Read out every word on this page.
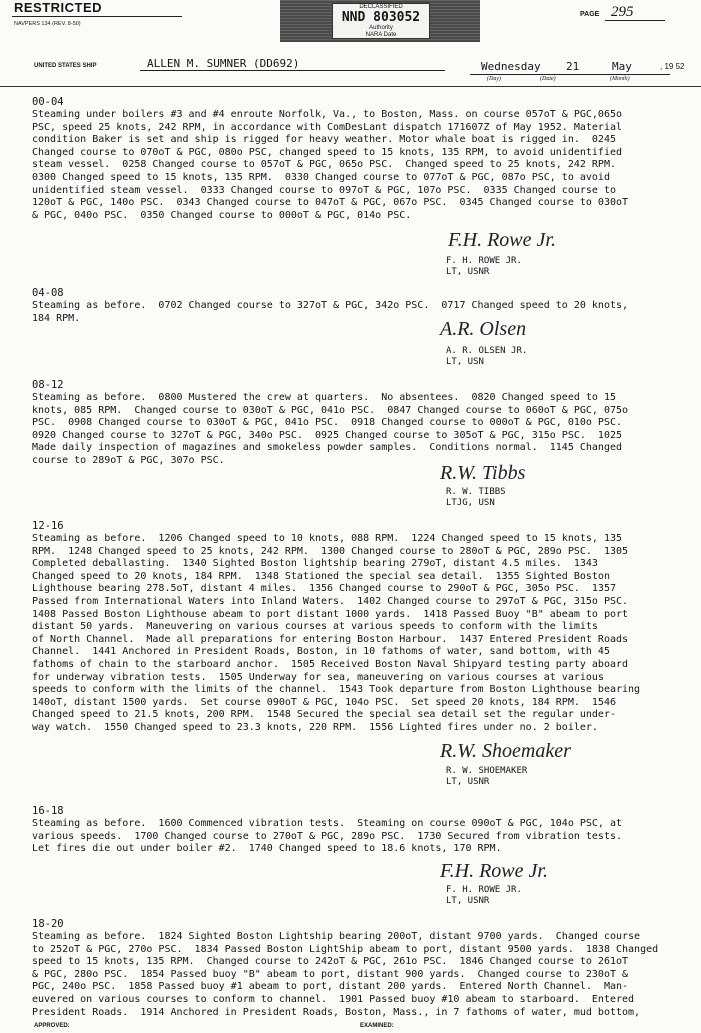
RESTRICTED
NAVPERS 134 (REV. 8-50)
DECLASSIFIED
NND 803052
Authority
NARA Date
PAGE 295
UNITED STATES SHIP	ALLEN M. SUMNER (DD692)	Wednesday 21	May	, 19 52
(Day)	(Date)	(Month)
00-04

Steaming under boilers #3 and #4 enroute Norfolk, Va., to Boston, Mass. on course 057oT & PGC,065o
PSC, speed 25 knots, 242 RPM, in accordance with ComDesLant dispatch 171607Z of May 1952. Material
condition Baker is set and ship is rigged for heavy weather. Motor whale boat is rigged in.  0245
Changed course to 070oT & PGC, 080o PSC, changed speed to 15 knots, 135 RPM, to avoid unidentified
steam vessel.  0258 Changed course to 057oT & PGC, 065o PSC.  Changed speed to 25 knots, 242 RPM.
0300 Changed speed to 15 knots, 135 RPM.  0330 Changed course to 077oT & PGC, 087o PSC, to avoid
unidentified steam vessel.  0333 Changed course to 097oT & PGC, 107o PSC.  0335 Changed course to
120oT & PGC, 140o PSC.  0343 Changed course to 047oT & PGC, 067o PSC.  0345 Changed course to 030oT
& PGC, 040o PSC.  0350 Changed course to 000oT & PGC, 014o PSC.

F.H. Rowe Jr.
F. H. ROWE JR.
LT, USNR
04-08

Steaming as before.  0702 Changed course to 327oT & PGC, 342o PSC.  0717 Changed speed to 20 knots,
184 RPM.	A.R. Olsen
A. R. OLSEN JR.
LT, USN
08-12

Steaming as before.  0800 Mustered the crew at quarters.  No absentees.  0820 Changed speed to 15
knots, 085 RPM.  Changed course to 030oT & PGC, 041o PSC.  0847 Changed course to 060oT & PGC, 075o
PSC.  0908 Changed course to 030oT & PGC, 041o PSC.  0918 Changed course to 000oT & PGC, 010o PSC.
0920 Changed course to 327oT & PGC, 340o PSC.  0925 Changed course to 305oT & PGC, 315o PSC.  1025
Made daily inspection of magazines and smokeless powder samples.  Conditions normal.  1145 Changed
course to 289oT & PGC, 307o PSC.

R.W. Tibbs
R. W. TIBBS
LTJG, USN
12-16

Steaming as before.  1206 Changed speed to 10 knots, 088 RPM.  1224 Changed speed to 15 knots, 135
RPM.  1248 Changed speed to 25 knots, 242 RPM.  1300 Changed course to 280oT & PGC, 289o PSC.  1305
Completed deballasting.  1340 Sighted Boston lightship bearing 279oT, distant 4.5 miles.  1343
Changed speed to 20 knots, 184 RPM.  1348 Stationed the special sea detail.  1355 Sighted Boston
Lighthouse bearing 278.5oT, distant 4 miles.  1356 Changed course to 290oT & PGC, 305o PSC.  1357
Passed from International Waters into Inland Waters.  1402 Changed course to 297oT & PGC, 315o PSC.
1408 Passed Boston Lighthouse abeam to port distant 1000 yards.  1418 Passed Buoy "B" abeam to port
distant 50 yards.  Maneuvering on various courses at various speeds to conform with the limits
of North Channel.  Made all preparations for entering Boston Harbour.  1437 Entered President Roads
Channel.  1441 Anchored in President Roads, Boston, in 10 fathoms of water, sand bottom, with 45
fathoms of chain to the starboard anchor.  1505 Received Boston Naval Shipyard testing party aboard
for underway vibration tests.  1505 Underway for sea, maneuvering on various courses at various
speeds to conform with the limits of the channel.  1543 Took departure from Boston Lighthouse bearing
140oT, distant 1500 yards.  Set course 090oT & PGC, 104o PSC.  Set speed 20 knots, 184 RPM.  1546
Changed speed to 21.5 knots, 200 RPM.  1548 Secured the special sea detail set the regular under-
way watch.  1550 Changed speed to 23.3 knots, 220 RPM.  1556 Lighted fires under no. 2 boiler.

R.W. Shoemaker
R. W. SHOEMAKER
LT, USNR
16-18

Steaming as before.  1600 Commenced vibration tests.  Steaming on course 090oT & PGC, 104o PSC, at
various speeds.  1700 Changed course to 270oT & PGC, 289o PSC.  1730 Secured from vibration tests.
Let fires die out under boiler #2.  1740 Changed speed to 18.6 knots, 170 RPM.

F.H. Rowe Jr.
F. H. ROWE JR.
LT, USNR
18-20

Steaming as before.  1824 Sighted Boston Lightship bearing 200oT, distant 9700 yards.  Changed course
to 252oT & PGC, 270o PSC.  1834 Passed Boston LightShip abeam to port, distant 9500 yards.  1838 Changed
speed to 15 knots, 135 RPM.  Changed course to 242oT & PGC, 261o PSC.  1846 Changed course to 261oT
& PGC, 280o PSC.  1854 Passed buoy "B" abeam to port, distant 900 yards.  Changed course to 230oT &
PGC, 240o PSC.  1858 Passed buoy #1 abeam to port, distant 200 yards.  Entered North Channel.  Man-
euvered on various courses to conform to channel.  1901 Passed buoy #10 abeam to starboard.  Entered
President Roads.  1914 Anchored in President Roads, Boston, Mass., in 7 fathoms of water, mud bottom,

APPROVED:	EXAMINED:
